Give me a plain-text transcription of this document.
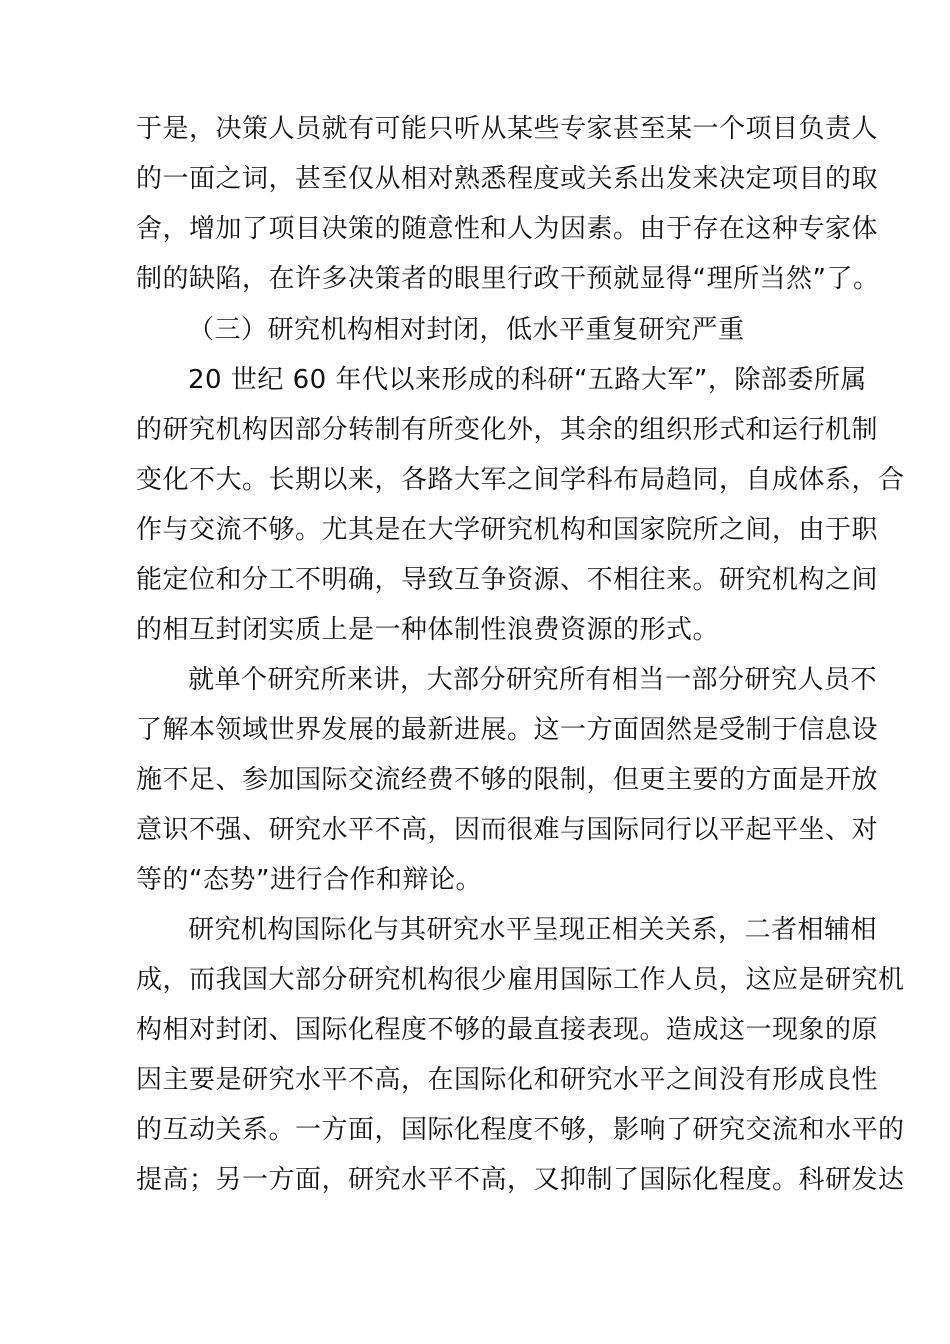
于是，决策人员就有可能只听从某些专家甚至某一个项目负责人
的一面之词，甚至仅从相对熟悉程度或关系出发来决定项目的取
舍，增加了项目决策的随意性和人为因素。由于存在这种专家体
制的缺陷，在许多决策者的眼里行政干预就显得“理所当然”了。
（三）研究机构相对封闭，低水平重复研究严重
20 世纪 60 年代以来形成的科研“五路大军”，除部委所属
的研究机构因部分转制有所变化外，其余的组织形式和运行机制
变化不大。长期以来，各路大军之间学科布局趋同，自成体系，合
作与交流不够。尤其是在大学研究机构和国家院所之间，由于职
能定位和分工不明确，导致互争资源、不相往来。研究机构之间
的相互封闭实质上是一种体制性浪费资源的形式。
就单个研究所来讲，大部分研究所有相当一部分研究人员不
了解本领域世界发展的最新进展。这一方面固然是受制于信息设
施不足、参加国际交流经费不够的限制，但更主要的方面是开放
意识不强、研究水平不高，因而很难与国际同行以平起平坐、对
等的“态势”进行合作和辩论。
研究机构国际化与其研究水平呈现正相关关系，二者相辅相
成，而我国大部分研究机构很少雇用国际工作人员，这应是研究机
构相对封闭、国际化程度不够的最直接表现。造成这一现象的原
因主要是研究水平不高，在国际化和研究水平之间没有形成良性
的互动关系。一方面，国际化程度不够，影响了研究交流和水平的
提高；另一方面，研究水平不高，又抑制了国际化程度。科研发达
